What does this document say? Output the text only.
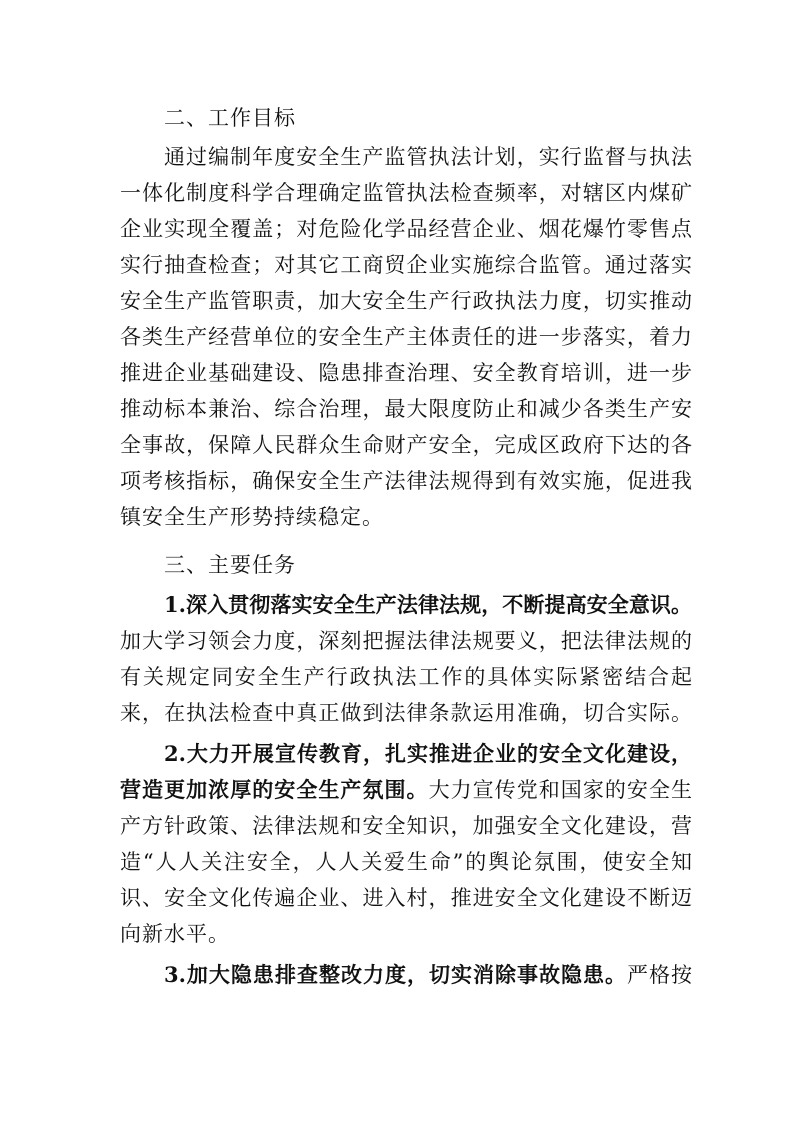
二、工作目标
通过编制年度安全生产监管执法计划，实行监督与执法
一体化制度科学合理确定监管执法检查频率，对辖区内煤矿
企业实现全覆盖；对危险化学品经营企业、烟花爆竹零售点
实行抽查检查；对其它工商贸企业实施综合监管。通过落实
安全生产监管职责，加大安全生产行政执法力度，切实推动
各类生产经营单位的安全生产主体责任的进一步落实，着力
推进企业基础建设、隐患排查治理、安全教育培训，进一步
推动标本兼治、综合治理，最大限度防止和减少各类生产安
全事故，保障人民群众生命财产安全，完成区政府下达的各
项考核指标，确保安全生产法律法规得到有效实施，促进我
镇安全生产形势持续稳定。
三、主要任务
1.深入贯彻落实安全生产法律法规，不断提高安全意识。
加大学习领会力度，深刻把握法律法规要义，把法律法规的
有关规定同安全生产行政执法工作的具体实际紧密结合起
来，在执法检查中真正做到法律条款运用准确，切合实际。
2.大力开展宣传教育，扎实推进企业的安全文化建设，
营造更加浓厚的安全生产氛围。大力宣传党和国家的安全生
产方针政策、法律法规和安全知识，加强安全文化建设，营
造“人人关注安全，人人关爱生命”的舆论氛围，使安全知
识、安全文化传遍企业、进入村，推进安全文化建设不断迈
向新水平。
3.加大隐患排查整改力度，切实消除事故隐患。严格按
